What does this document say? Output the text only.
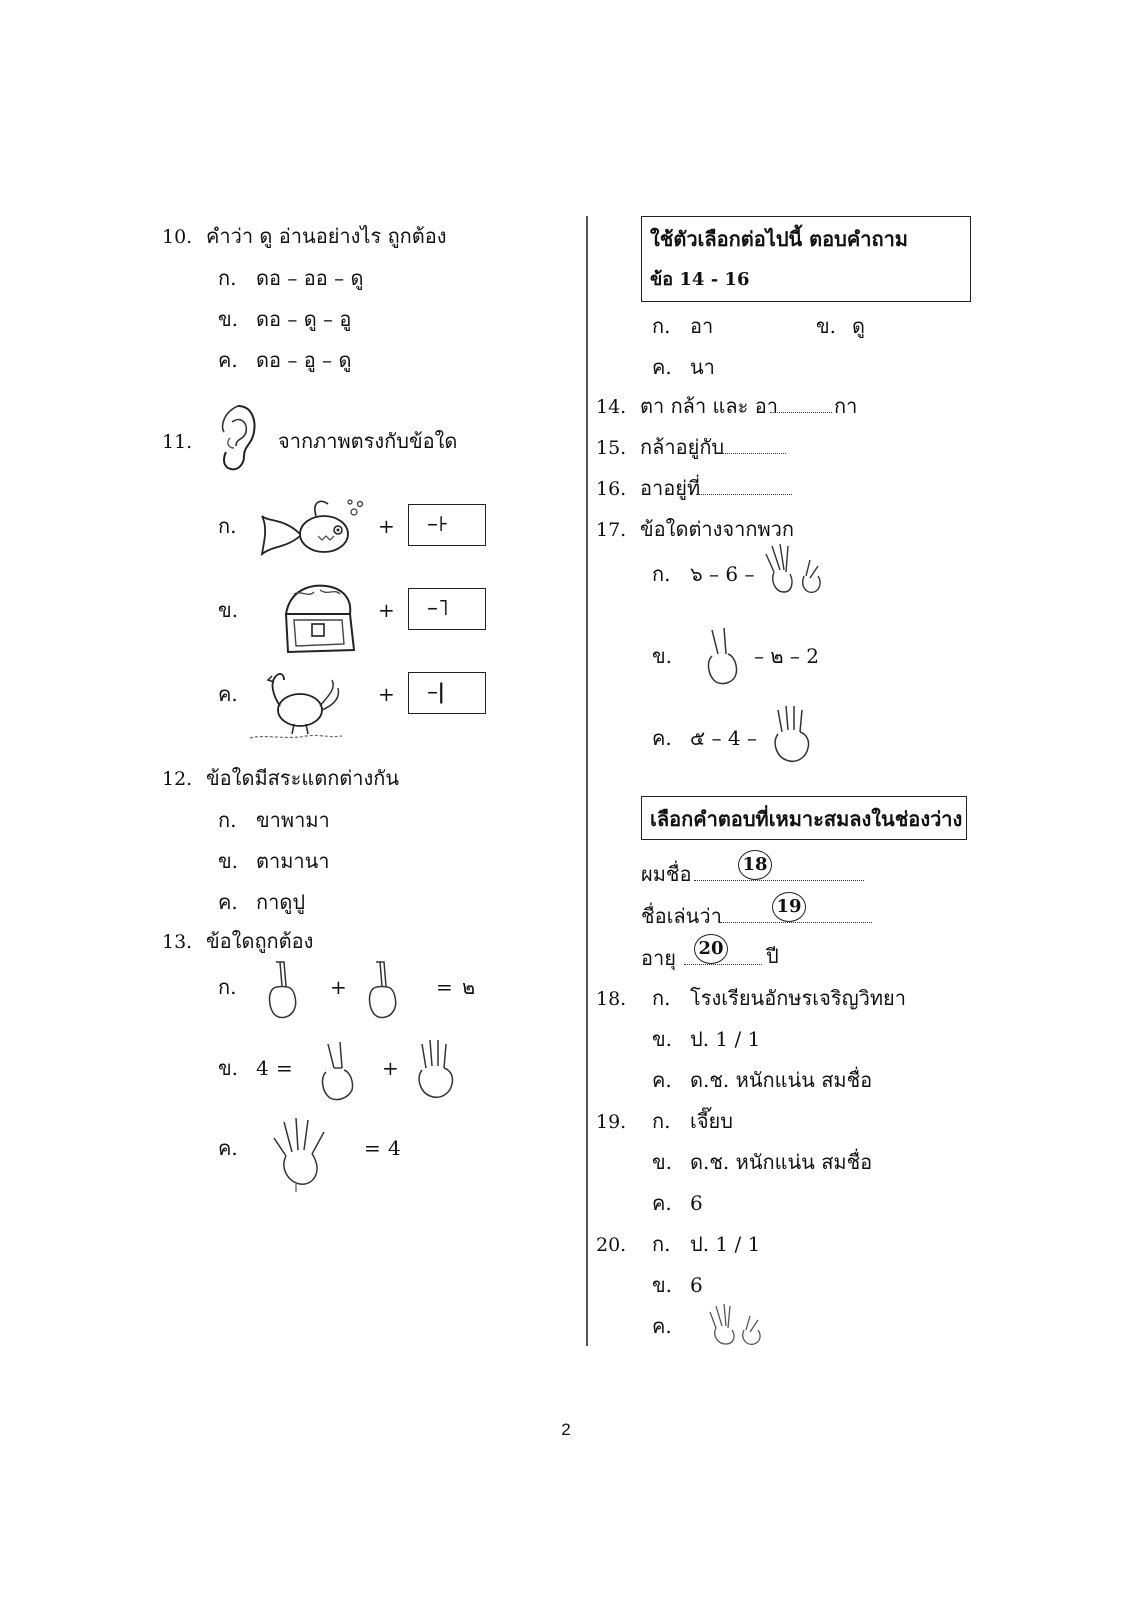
10. คำว่า ดู อ่านอย่างไร ถูกต้อง
ก. ดอ – ออ – ดู
ข. ดอ – ดู – อู
ค. ดอ – อู – ดู
11.	จากภาพตรงกับข้อใด
ก.	+ –꜔
ข.	+ –˥
ค.	+ –ǀ
12. ข้อใดมีสระแตกต่างกัน
ก. ขาพามา
ข. ตามานา
ค. กาดูปู
13. ข้อใดถูกต้อง
ก.	+	= ๒
ข. 4 =	+
ค.	= 4
ใช้ตัวเลือกต่อไปนี้ ตอบคำถาม
ข้อ 14 - 16
ก. อา	ข. ดู
ค. นา
14. ตา กล้า และ อา	กา
15. กล้าอยู่กับ
16. อาอยู่ที่
17. ข้อใดต่างจากพวก
ก. ๖ – 6 –
ข.	– ๒ – 2
ค. ๕ – 4 –
เลือกคำตอบที่เหมาะสมลงในช่องว่าง
ผมชื่อ	18
ชื่อเล่นว่า	19
อายุ 20 ปี
18. ก. โรงเรียนอักษรเจริญวิทยา
ข. ป. 1 / 1
ค. ด.ช. หนักแน่น สมชื่อ
19. ก. เจี๊ยบ
ข. ด.ช. หนักแน่น สมชื่อ
ค. 6
20. ก. ป. 1 / 1
ข. 6
ค.
2
